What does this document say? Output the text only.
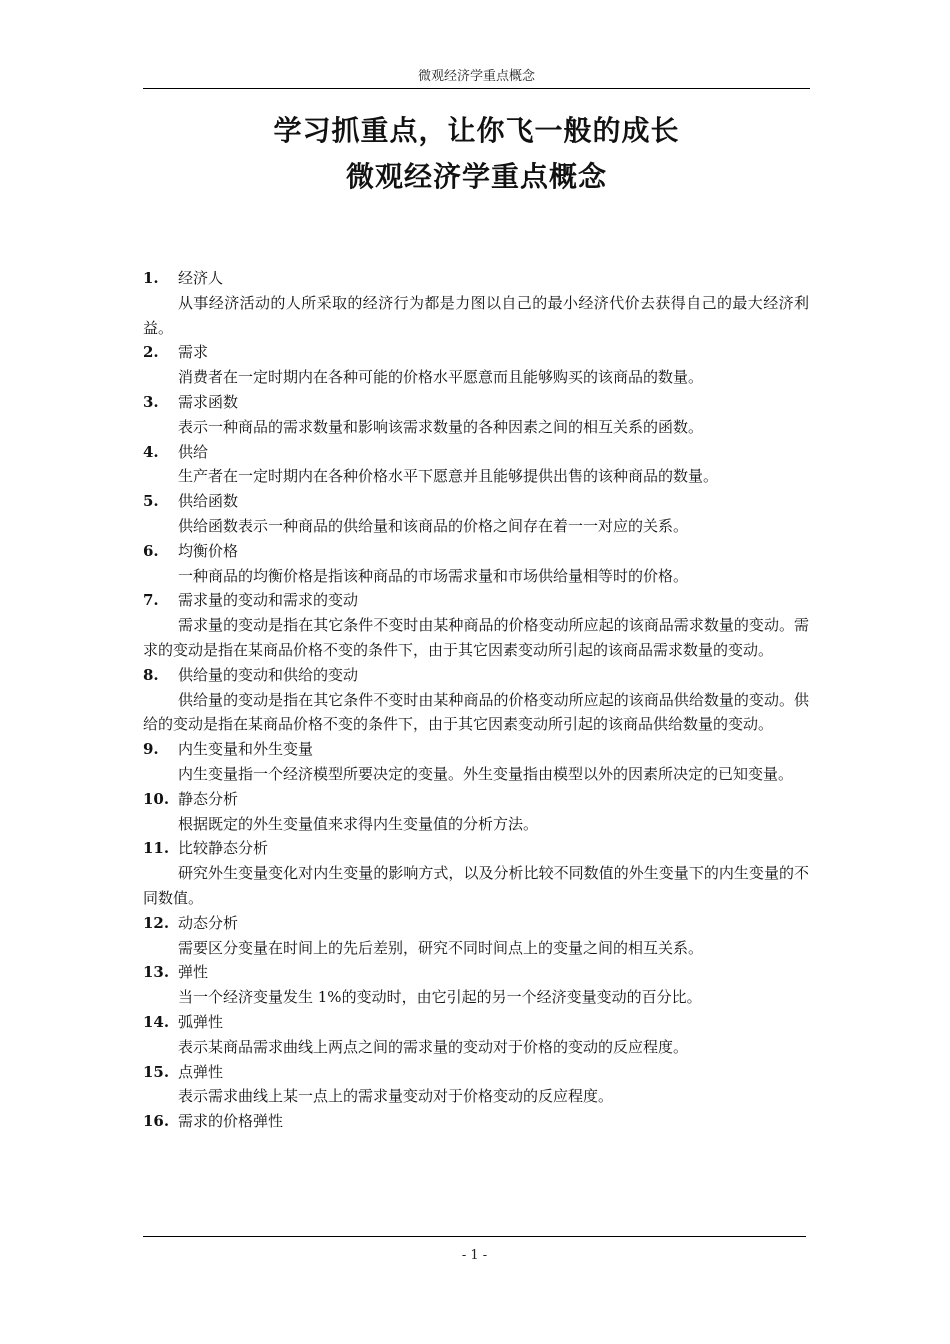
微观经济学重点概念
学习抓重点，让你飞一般的成长
微观经济学重点概念
1.	经济人
从事经济活动的人所采取的经济行为都是力图以自己的最小经济代价去获得自己的最大经济利益。
2.	需求
消费者在一定时期内在各种可能的价格水平愿意而且能够购买的该商品的数量。
3.	需求函数
表示一种商品的需求数量和影响该需求数量的各种因素之间的相互关系的函数。
4.	供给
生产者在一定时期内在各种价格水平下愿意并且能够提供出售的该种商品的数量。
5.	供给函数
供给函数表示一种商品的供给量和该商品的价格之间存在着一一对应的关系。
6.	均衡价格
一种商品的均衡价格是指该种商品的市场需求量和市场供给量相等时的价格。
7.	需求量的变动和需求的变动
需求量的变动是指在其它条件不变时由某种商品的价格变动所应起的该商品需求数量的变动。需求的变动是指在某商品价格不变的条件下，由于其它因素变动所引起的该商品需求数量的变动。
8.	供给量的变动和供给的变动
供给量的变动是指在其它条件不变时由某种商品的价格变动所应起的该商品供给数量的变动。供给的变动是指在某商品价格不变的条件下，由于其它因素变动所引起的该商品供给数量的变动。
9.	内生变量和外生变量
内生变量指一个经济模型所要决定的变量。外生变量指由模型以外的因素所决定的已知变量。
10. 静态分析
根据既定的外生变量值来求得内生变量值的分析方法。
11. 比较静态分析
研究外生变量变化对内生变量的影响方式，以及分析比较不同数值的外生变量下的内生变量的不同数值。
12. 动态分析
需要区分变量在时间上的先后差别，研究不同时间点上的变量之间的相互关系。
13. 弹性
当一个经济变量发生 1%的变动时，由它引起的另一个经济变量变动的百分比。
14. 弧弹性
表示某商品需求曲线上两点之间的需求量的变动对于价格的变动的反应程度。
15. 点弹性
表示需求曲线上某一点上的需求量变动对于价格变动的反应程度。
16. 需求的价格弹性
- 1 -
